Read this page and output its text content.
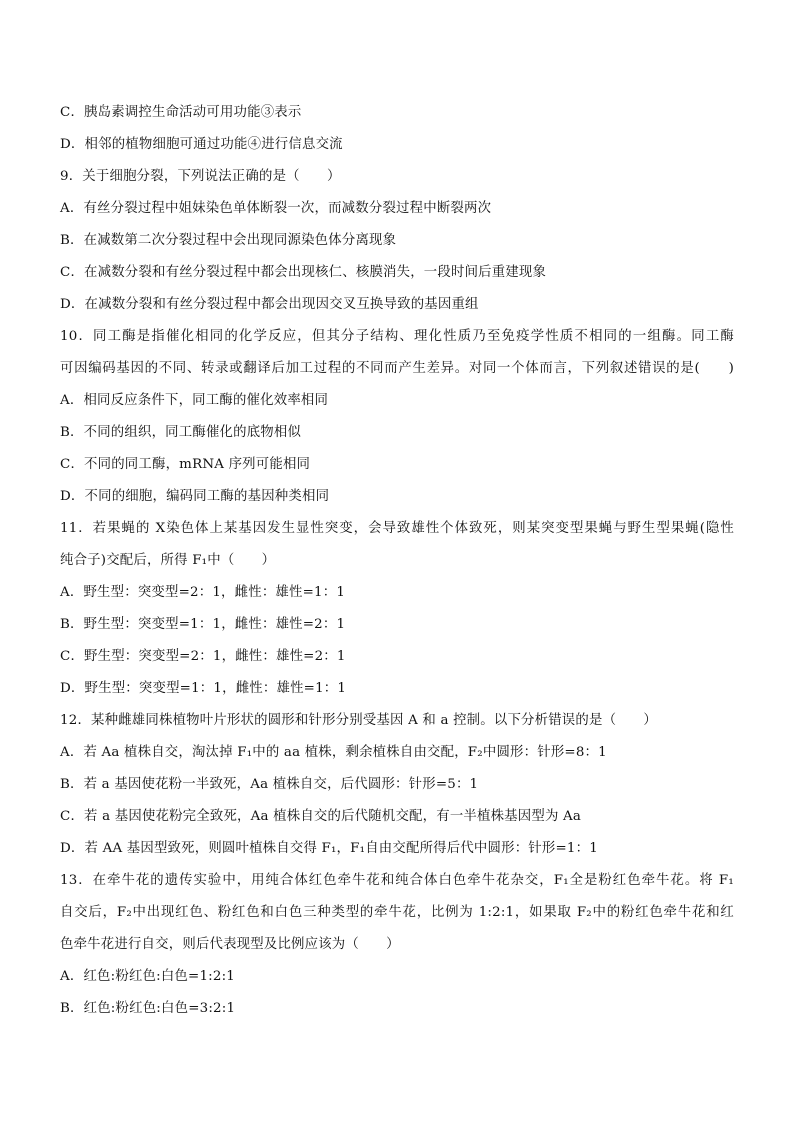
C．胰岛素调控生命活动可用功能③表示
D．相邻的植物细胞可通过功能④进行信息交流
9．关于细胞分裂，下列说法正确的是（　　）
A．有丝分裂过程中姐妹染色单体断裂一次，而减数分裂过程中断裂两次
B．在减数第二次分裂过程中会出现同源染色体分离现象
C．在减数分裂和有丝分裂过程中都会出现核仁、核膜消失，一段时间后重建现象
D．在减数分裂和有丝分裂过程中都会出现因交叉互换导致的基因重组
10．同工酶是指催化相同的化学反应，但其分子结构、理化性质乃至免疫学性质不相同的一组酶。同工酶
可因编码基因的不同、转录或翻译后加工过程的不同而产生差异。对同一个体而言，下列叙述错误的是(　　)
A．相同反应条件下，同工酶的催化效率相同
B．不同的组织，同工酶催化的底物相似
C．不同的同工酶，mRNA 序列可能相同
D．不同的细胞，编码同工酶的基因种类相同
11．若果蝇的 X染色体上某基因发生显性突变，会导致雄性个体致死，则某突变型果蝇与野生型果蝇(隐性
纯合子)交配后，所得 F₁中（　　）
A．野生型：突变型=2：1，雌性：雄性=1：1
B．野生型：突变型=1：1，雌性：雄性=2：1
C．野生型：突变型=2：1，雌性：雄性=2：1
D．野生型：突变型=1：1，雌性：雄性=1：1
12．某种雌雄同株植物叶片形状的圆形和针形分别受基因 A 和 a 控制。以下分析错误的是（　　）
A．若 Aa 植株自交，淘汰掉 F₁中的 aa 植株，剩余植株自由交配，F₂中圆形：针形=8：1
B．若 a 基因使花粉一半致死，Aa 植株自交，后代圆形：针形=5：1
C．若 a 基因使花粉完全致死，Aa 植株自交的后代随机交配，有一半植株基因型为 Aa
D．若 AA 基因型致死，则圆叶植株自交得 F₁，F₁自由交配所得后代中圆形：针形=1：1
13．在牵牛花的遗传实验中，用纯合体红色牵牛花和纯合体白色牵牛花杂交，F₁全是粉红色牵牛花。将 F₁
自交后，F₂中出现红色、粉红色和白色三种类型的牵牛花，比例为 1:2:1，如果取 F₂中的粉红色牵牛花和红
色牵牛花进行自交，则后代表现型及比例应该为（　　）
A．红色:粉红色:白色=1:2:1
B．红色:粉红色:白色=3:2:1
